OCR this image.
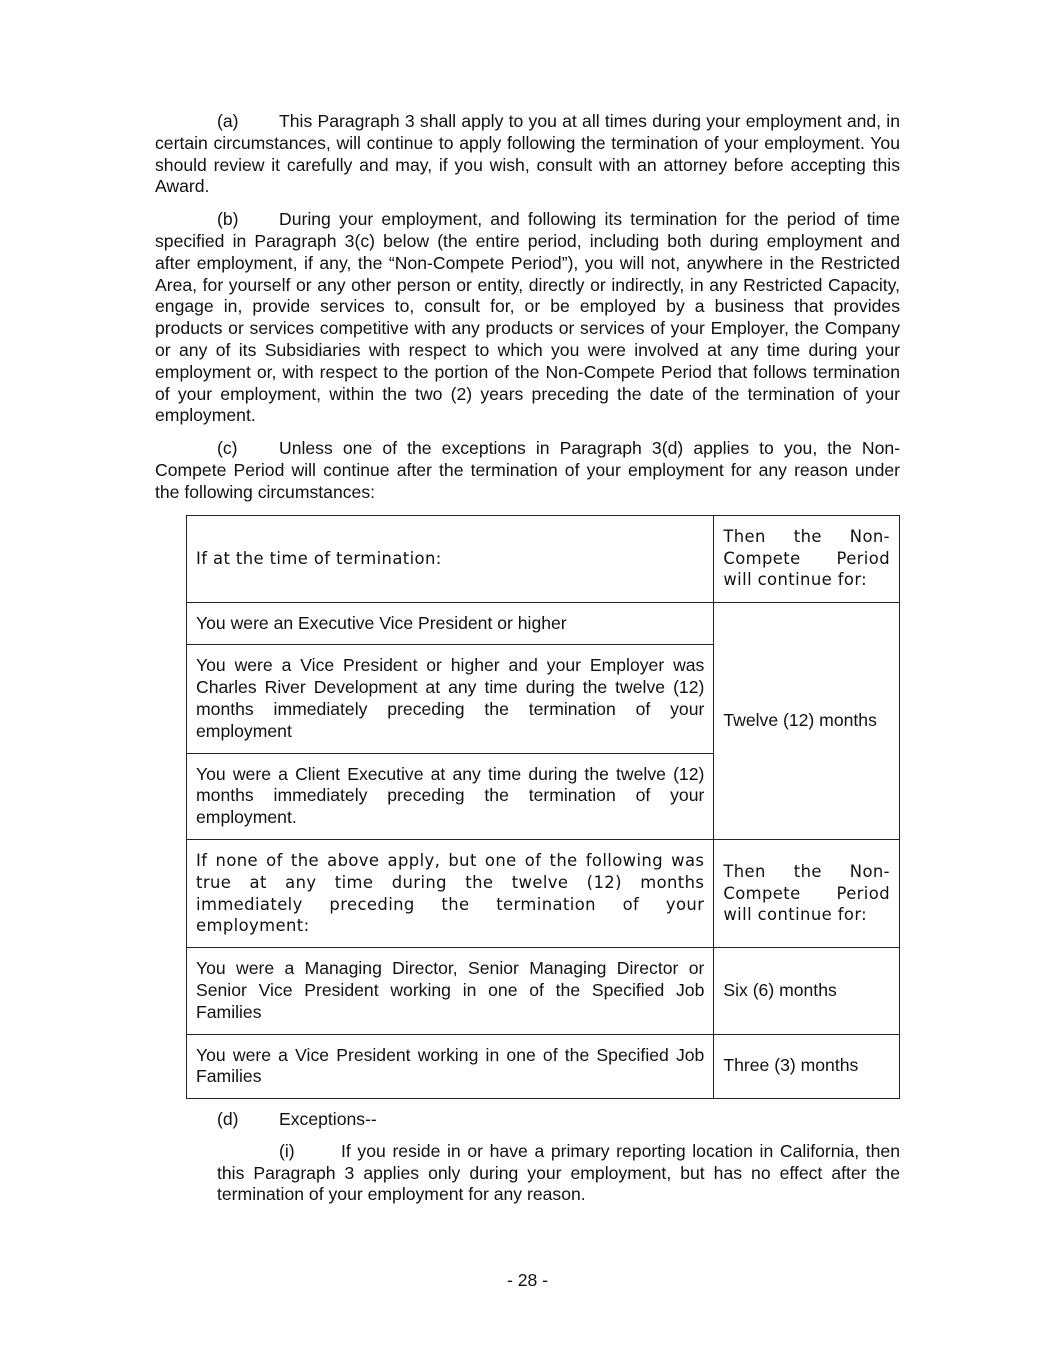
(a) This Paragraph 3 shall apply to you at all times during your employment and, in certain circumstances, will continue to apply following the termination of your employment. You should review it carefully and may, if you wish, consult with an attorney before accepting this Award.

(b) During your employment, and following its termination for the period of time specified in Paragraph 3(c) below (the entire period, including both during employment and after employment, if any, the “Non-Compete Period”), you will not, anywhere in the Restricted Area, for yourself or any other person or entity, directly or indirectly, in any Restricted Capacity, engage in, provide services to, consult for, or be employed by a business that provides products or services competitive with any products or services of your Employer, the Company or any of its Subsidiaries with respect to which you were involved at any time during your employment or, with respect to the portion of the Non-Compete Period that follows termination of your employment, within the two (2) years preceding the date of the termination of your employment.

(c) Unless one of the exceptions in Paragraph 3(d) applies to you, the Non-Compete Period will continue after the termination of your employment for any reason under the following circumstances:

If at the time of termination:	Then the Non-Compete Period will continue for:
You were an Executive Vice President or higher	Twelve (12) months
You were a Vice President or higher and your Employer was Charles River Development at any time during the twelve (12) months immediately preceding the termination of your employment	
You were a Client Executive at any time during the twelve (12) months immediately preceding the termination of your employment.	
If none of the above apply, but one of the following was true at any time during the twelve (12) months immediately preceding the termination of your employment:	Then the Non-Compete Period will continue for:
You were a Managing Director, Senior Managing Director or Senior Vice President working in one of the Specified Job Families	Six (6) months
You were a Vice President working in one of the Specified Job Families	Three (3) months
(d) Exceptions--
(i)	If you reside in or have a primary reporting location in California, then this Paragraph 3 applies only during your employment, but has no effect after the termination of your employment for any reason.
- 28 -
